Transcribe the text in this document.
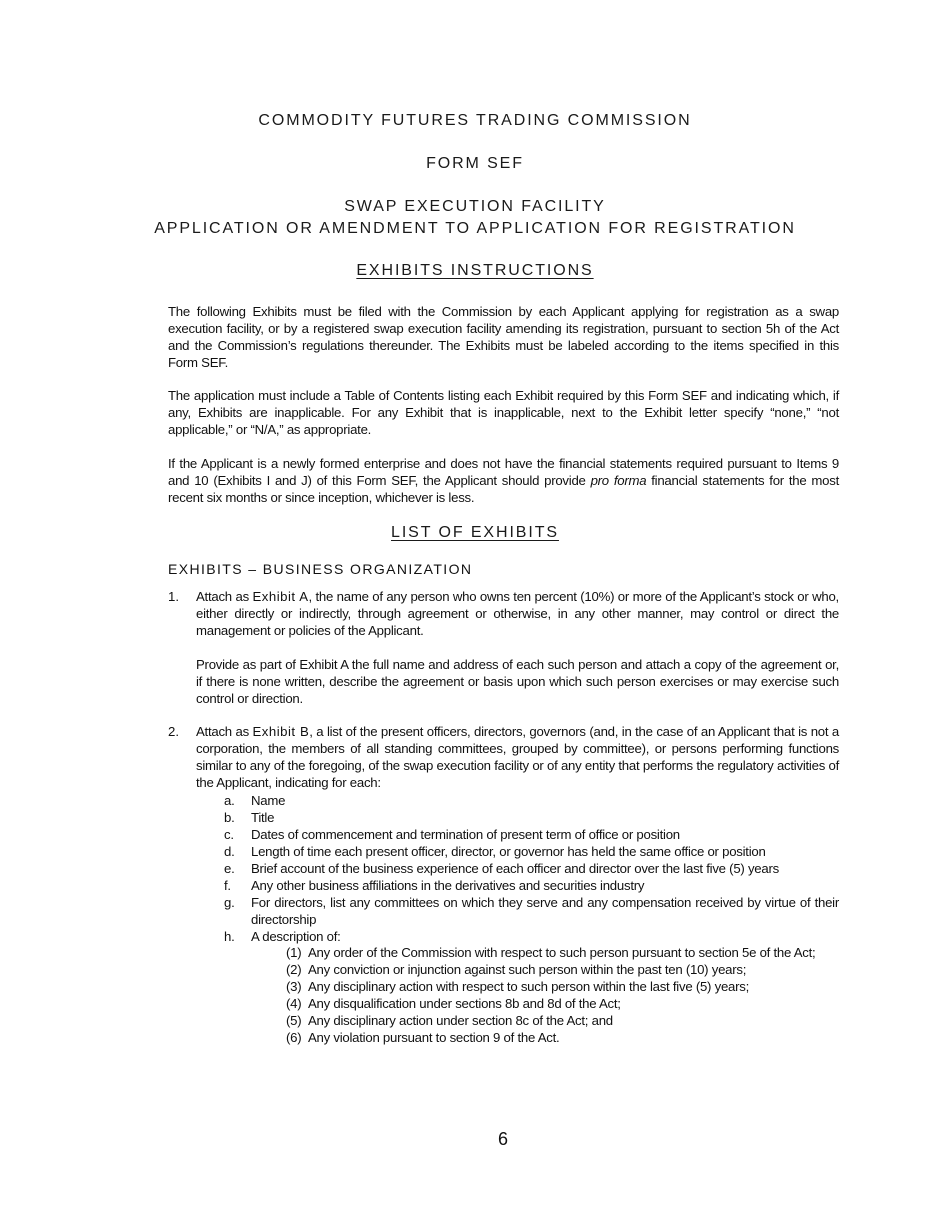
COMMODITY FUTURES TRADING COMMISSION
FORM SEF
SWAP EXECUTION FACILITY
APPLICATION OR AMENDMENT TO APPLICATION FOR REGISTRATION
EXHIBITS INSTRUCTIONS

The following Exhibits must be filed with the Commission by each Applicant applying for registration as a swap execution facility, or by a registered swap execution facility amending its registration, pursuant to section 5h of the Act and the Commission’s regulations thereunder. The Exhibits must be labeled according to the items specified in this Form SEF.

The application must include a Table of Contents listing each Exhibit required by this Form SEF and indicating which, if any, Exhibits are inapplicable. For any Exhibit that is inapplicable, next to the Exhibit letter specify “none,” “not applicable,” or “N/A,” as appropriate.

If the Applicant is a newly formed enterprise and does not have the financial statements required pursuant to Items 9 and 10 (Exhibits I and J) of this Form SEF, the Applicant should provide pro forma financial statements for the most recent six months or since inception, whichever is less.

LIST OF EXHIBITS
EXHIBITS – BUSINESS ORGANIZATION
1. Attach as Exhibit A, the name of any person who owns ten percent (10%) or more of the Applicant’s stock or who, either directly or indirectly, through agreement or otherwise, in any other manner, may control or direct the management or policies of the Applicant.

Provide as part of Exhibit A the full name and address of each such person and attach a copy of the agreement or, if there is none written, describe the agreement or basis upon which such person exercises or may exercise such control or direction.

2. Attach as Exhibit B, a list of the present officers, directors, governors (and, in the case of an Applicant that is not a corporation, the members of all standing committees, grouped by committee), or persons performing functions similar to any of the foregoing, of the swap execution facility or of any entity that performs the regulatory activities of the Applicant, indicating for each:

a. Name
b. Title
c. Dates of commencement and termination of present term of office or position
d. Length of time each present officer, director, or governor has held the same office or position
e. Brief account of the business experience of each officer and director over the last five (5) years
f. Any other business affiliations in the derivatives and securities industry
g. For directors, list any committees on which they serve and any compensation received by virtue of their directorship
h. A description of:
(1) Any order of the Commission with respect to such person pursuant to section 5e of the Act;
(2) Any conviction or injunction against such person within the past ten (10) years;
(3) Any disciplinary action with respect to such person within the last five (5) years;
(4) Any disqualification under sections 8b and 8d of the Act;
(5) Any disciplinary action under section 8c of the Act; and
(6) Any violation pursuant to section 9 of the Act.
6
